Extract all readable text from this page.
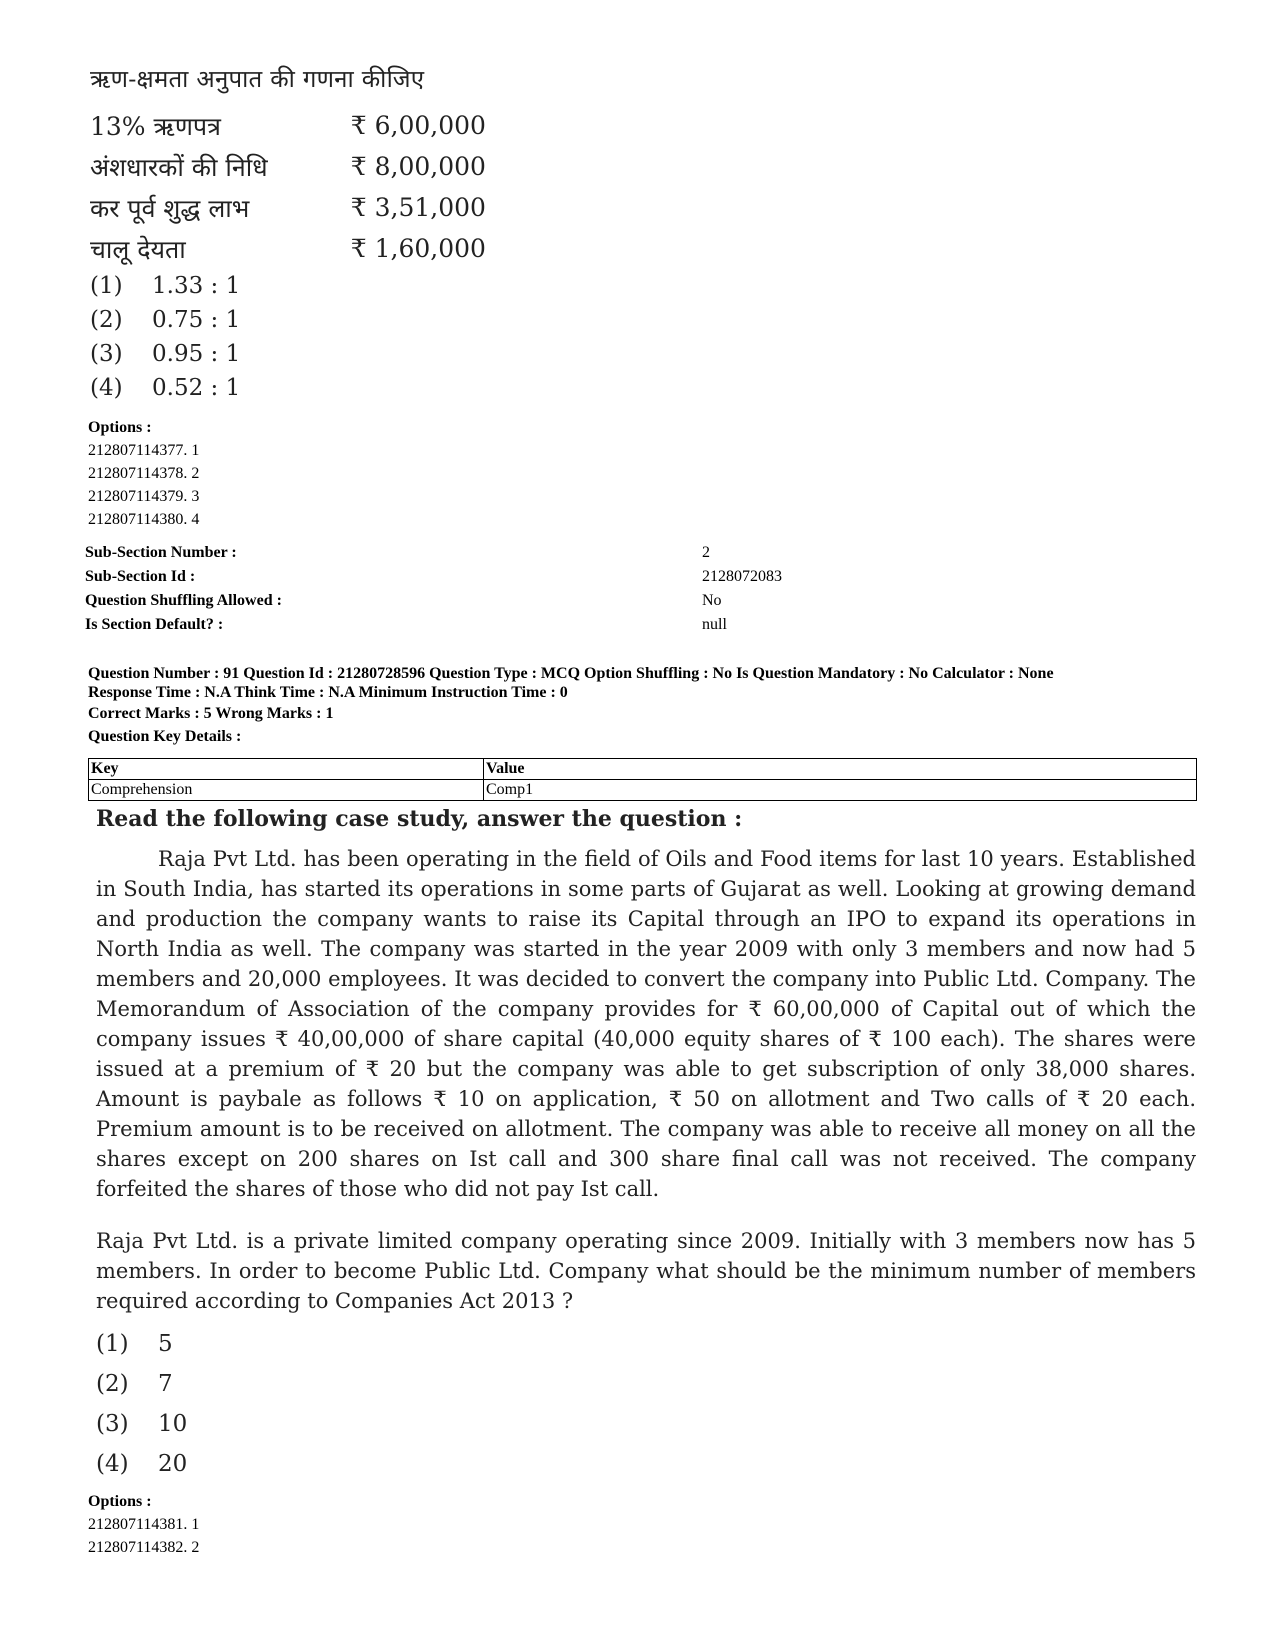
ऋण-क्षमता अनुपात की गणना कीजिए
13% ऋणपत्र	₹ 6,00,000
अंशधारकों की निधि	₹ 8,00,000
कर पूर्व शुद्ध लाभ	₹ 3,51,000
चालू देयता	₹ 1,60,000
(1)	1.33 : 1
(2)	0.75 : 1
(3)	0.95 : 1
(4)	0.52 : 1
Options :
212807114377. 1
212807114378. 2
212807114379. 3
212807114380. 4
Sub-Section Number :	2
Sub-Section Id :	2128072083
Question Shuffling Allowed :	No
Is Section Default? :	null
Question Number : 91 Question Id : 21280728596 Question Type : MCQ Option Shuffling : No Is Question Mandatory : No Calculator : None
Response Time : N.A Think Time : N.A Minimum Instruction Time : 0
Correct Marks : 5 Wrong Marks : 1
Question Key Details :
Key	Value
Comprehension	Comp1
Read the following case study, answer the question :

Raja Pvt Ltd. has been operating in the field of Oils and Food items for last 10 years. Established in South India, has started its operations in some parts of Gujarat as well. Looking at growing demand and production the company wants to raise its Capital through an IPO to expand its operations in North India as well. The company was started in the year 2009 with only 3 members and now had 5 members and 20,000 employees. It was decided to convert the company into Public Ltd. Company. The Memorandum of Association of the company provides for ₹ 60,00,000 of Capital out of which the company issues ₹ 40,00,000 of share capital (40,000 equity shares of ₹ 100 each). The shares were issued at a premium of ₹ 20 but the company was able to get subscription of only 38,000 shares. Amount is paybale as follows ₹ 10 on application, ₹ 50 on allotment and Two calls of ₹ 20 each. Premium amount is to be received on allotment. The company was able to receive all money on all the shares except on 200 shares on Ist call and 300 share final call was not received. The company forfeited the shares of those who did not pay Ist call.

Raja Pvt Ltd. is a private limited company operating since 2009. Initially with 3 members now has 5 members. In order to become Public Ltd. Company what should be the minimum number of members required according to Companies Act 2013 ?

(1)	5
(2)	7
(3)	10
(4)	20
Options :
212807114381. 1
212807114382. 2
